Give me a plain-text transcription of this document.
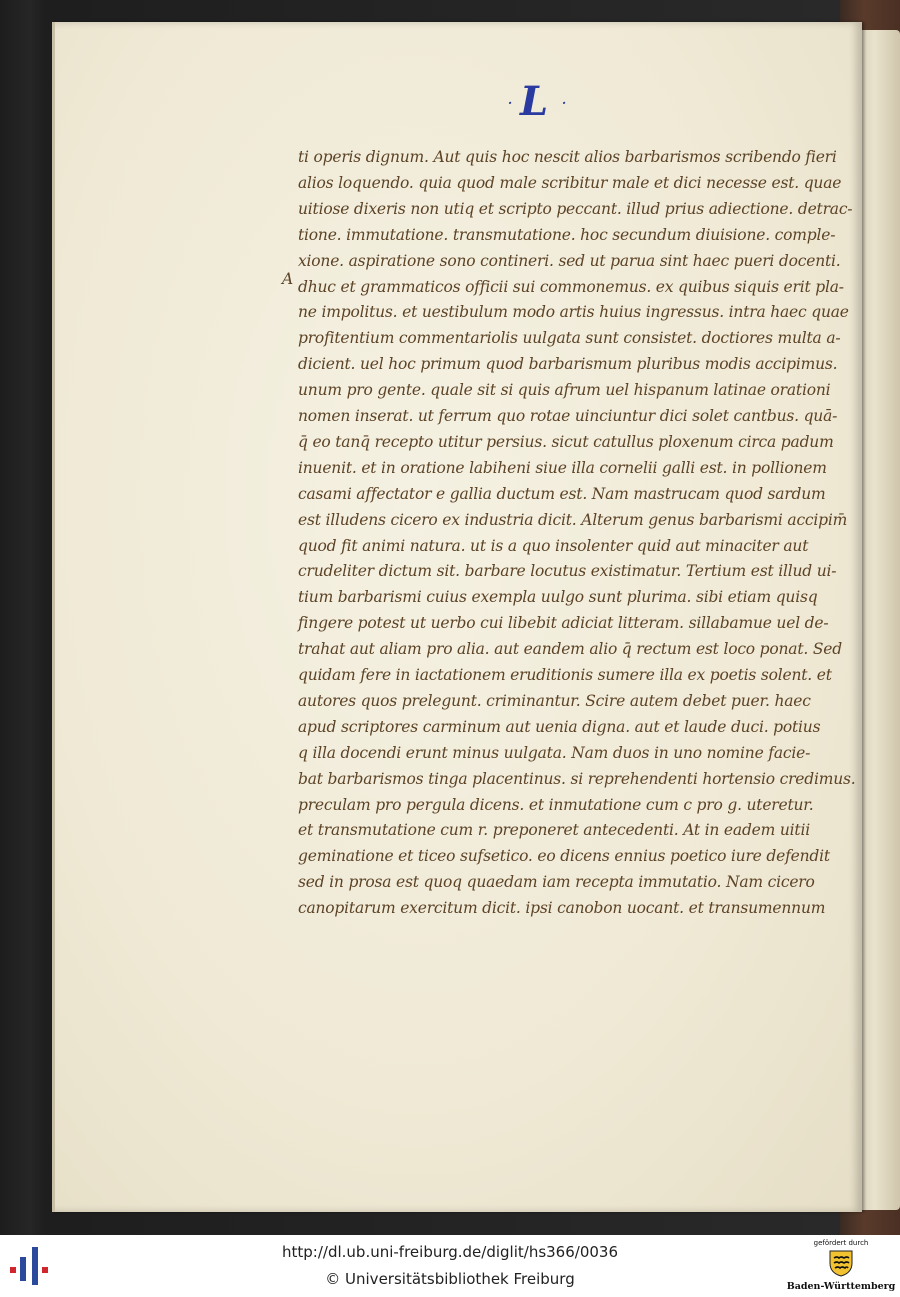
· L ·
A
ti operis dignum. Aut quis hoc nescit alios barbarismos scribendo fieri
alios loquendo. quia quod male scribitur male et dici necesse est. quae
uitiose dixeris non utiq et scripto peccant. illud prius adiectione. detrac-
tione. immutatione. transmutatione. hoc secundum diuisione. comple-
xione. aspiratione sono contineri. sed ut parua sint haec pueri docenti.
dhuc et grammaticos officii sui commonemus. ex quibus siquis erit pla-
ne impolitus. et uestibulum modo artis huius ingressus. intra haec quae
profitentium commentariolis uulgata sunt consistet. doctiores multa a-
dicient. uel hoc primum quod barbarismum pluribus modis accipimus.
unum pro gente. quale sit si quis afrum uel hispanum latinae orationi
nomen inserat. ut ferrum quo rotae uinciuntur dici solet cantbus. quā-
q̄ eo tanq̄ recepto utitur persius. sicut catullus ploxenum circa padum
inuenit. et in oratione labiheni siue illa cornelii galli est. in pollionem
casami affectator e gallia ductum est. Nam mastrucam quod sardum
est illudens cicero ex industria dicit. Alterum genus barbarismi accipim̄
quod fit animi natura. ut is a quo insolenter quid aut minaciter aut
crudeliter dictum sit. barbare locutus existimatur. Tertium est illud ui-
tium barbarismi cuius exempla uulgo sunt plurima. sibi etiam quisq
fingere potest ut uerbo cui libebit adiciat litteram. sillabamue uel de-
trahat aut aliam pro alia. aut eandem alio q̄ rectum est loco ponat. Sed
quidam fere in iactationem eruditionis sumere illa ex poetis solent. et
autores quos prelegunt. criminantur. Scire autem debet puer. haec
apud scriptores carminum aut uenia digna. aut et laude duci. potius
q illa docendi erunt minus uulgata. Nam duos in uno nomine facie-
bat barbarismos tinga placentinus. si reprehendenti hortensio credimus.
preculam pro pergula dicens. et inmutatione cum c pro g. uteretur.
et transmutatione cum r. preponeret antecedenti. At in eadem uitii
geminatione et ticeo sufsetico. eo dicens ennius poetico iure defendit
sed in prosa est quoq quaedam iam recepta immutatio. Nam cicero
canopitarum exercitum dicit. ipsi canobon uocant. et transumennum
http://dl.ub.uni-freiburg.de/diglit/hs366/0036
© Universitätsbibliothek Freiburg
gefördert durch
Baden-Württemberg
